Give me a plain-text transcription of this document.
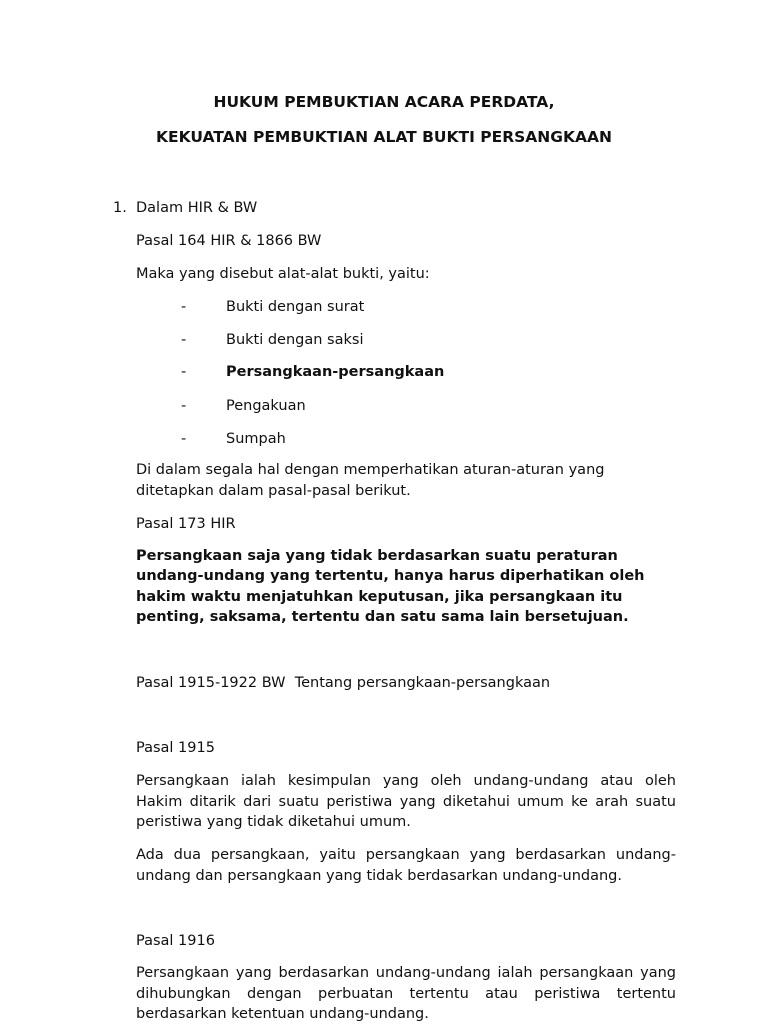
HUKUM PEMBUKTIAN ACARA PERDATA,
KEKUATAN PEMBUKTIAN ALAT BUKTI PERSANGKAAN
1. Dalam HIR & BW
Pasal 164 HIR & 1866 BW
Maka yang disebut alat-alat bukti, yaitu:
-	Bukti dengan surat
-	Bukti dengan saksi
-	Persangkaan-persangkaan
-	Pengakuan
-	Sumpah
Di dalam segala hal dengan memperhatikan aturan-aturan yang
ditetapkan dalam pasal-pasal berikut.
Pasal 173 HIR
Persangkaan saja yang tidak berdasarkan suatu peraturan
undang-undang yang tertentu, hanya harus diperhatikan oleh
hakim waktu menjatuhkan keputusan, jika persangkaan itu
penting, saksama, tertentu dan satu sama lain bersetujuan.
Pasal 1915-1922 BW Tentang persangkaan-persangkaan
Pasal 1915
Persangkaan ialah kesimpulan yang oleh undang-undang atau oleh
Hakim ditarik dari suatu peristiwa yang diketahui umum ke arah suatu
peristiwa yang tidak diketahui umum.
Ada dua persangkaan, yaitu persangkaan yang berdasarkan undang-
undang dan persangkaan yang tidak berdasarkan undang-undang.
Pasal 1916
Persangkaan yang berdasarkan undang-undang ialah persangkaan yang
dihubungkan dengan perbuatan tertentu atau peristiwa tertentu
berdasarkan ketentuan undang-undang.
